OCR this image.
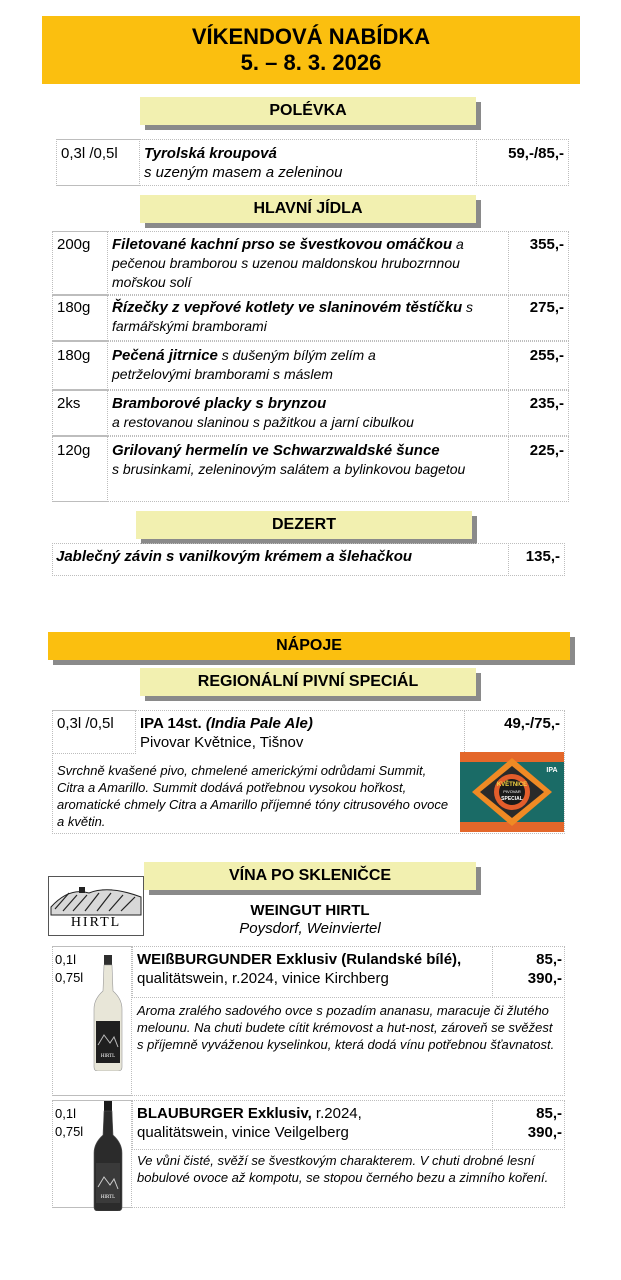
VÍKENDOVÁ NABÍDKA
5. – 8. 3. 2026
POLÉVKA
0,3l /0,5l Tyrolská kroupová
s uzeným masem a zeleninou
59,-/85,-
HLAVNÍ JÍDLA
200g Filetované kachní prso se švestkovou omáčkou a pečenou bramborou s uzenou maldonskou hrubozrnnou mořskou solí
355,-
180g Řízečky z vepřové kotlety ve slaninovém těstíčku s farmářskými bramborami
275,-
180g Pečená jitrnice s dušeným bílým zelím a petrželovými bramborami s máslem
255,-
2ks Bramborové placky s brynzou
a restovanou slaninou s pažitkou a jarní cibulkou
235,-
120g Grilovaný hermelín ve Schwarzwaldské šunce
s brusinkami, zeleninovým salátem a bylinkovou bagetou
225,-
DEZERT
Jablečný závin s vanilkovým krémem a šlehačkou	135,-
NÁPOJE
REGIONÁLNÍ PIVNÍ SPECIÁL
0,3l /0,5l IPA 14st. (India Pale Ale)
Pivovar Květnice, Tišnov
49,-/75,-
Svrchně kvašené pivo, chmelené americkými odrůdami Summit, Citra a Amarillo. Summit dodává potřebnou vysokou hořkost, aromatické chmely Citra a Amarillo příjemné tóny citrusového ovoce a květin.
KVĚTNICE
PIVOVAR
SPECIAL
IPA
HIRTL
VÍNA PO SKLENIČCE
WEINGUT HIRTL
Poysdorf, Weinviertel
0,1l
0,75l
HIRTL
WEIßBURGUNDER Exklusiv (Rulandské bílé), qualitätswein, r.2024, vinice Kirchberg
85,-
390,-
Aroma zralého sadového ovce s pozadím ananasu, maracuje či žlutého melounu. Na chuti budete cítit krémovost a hut-nost, zároveň se svěžest s příjemně vyváženou kyselinkou, která dodá vínu potřebnou šťavnatost.
0,1l
0,75l
HIRTL
BLAUBURGER Exklusiv, r.2024, qualitätswein, vinice Veilgelberg
85,-
390,-
Ve vůni čisté, svěží se švestkovým charakterem. V chuti drobné lesní bobulové ovoce až kompotu, se stopou černého bezu a zimního koření.
